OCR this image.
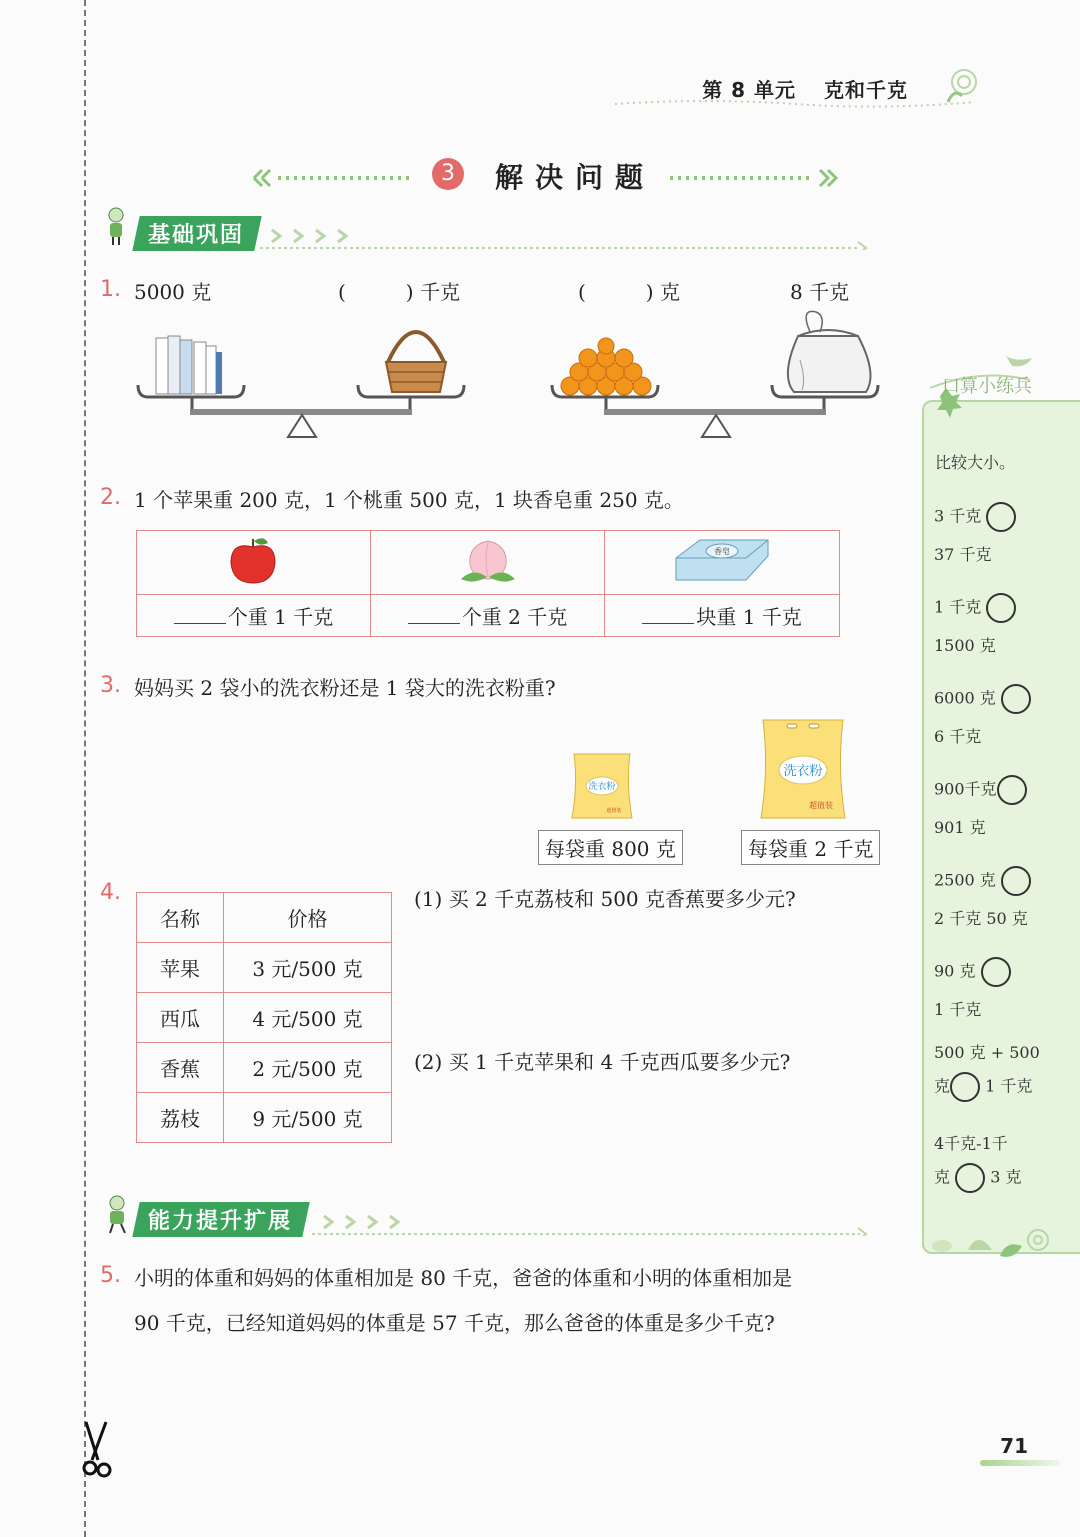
第 8 单元 克和千克
3	解决问题
基础巩固
1. 5000 克	(　　　) 千克	(　　　) 克	8 千克
2. 1 个苹果重 200 克，1 个桃重 500 克，1 块香皂重 250 克。

香皂

个重 1 千克	个重 2 千克	块重 1 千克
3. 妈妈买 2 袋小的洗衣粉还是 1 袋大的洗衣粉重?
洗衣粉
超值装
洗衣粉
超值装
每袋重 800 克	每袋重 2 千克
4.
名称	价格
苹果	3 元/500 克
西瓜	4 元/500 克
香蕉	2 元/500 克
荔枝	9 元/500 克
(1) 买 2 千克荔枝和 500 克香蕉要多少元?
(2) 买 1 千克苹果和 4 千克西瓜要多少元?
能力提升扩展
5. 小明的体重和妈妈的体重相加是 80 千克，爸爸的体重和小明的体重相加是
90 千克，已经知道妈妈的体重是 57 千克，那么爸爸的体重是多少千克?
口算小练兵
比较大小。
3 千克
37 千克
1 千克
1500 克
6000 克
6 千克
900千克
901 克
2500 克
2 千克 50 克
90 克
1 千克
500 克 + 500
克 1 千克
4千克-1千
克	3 克
71
